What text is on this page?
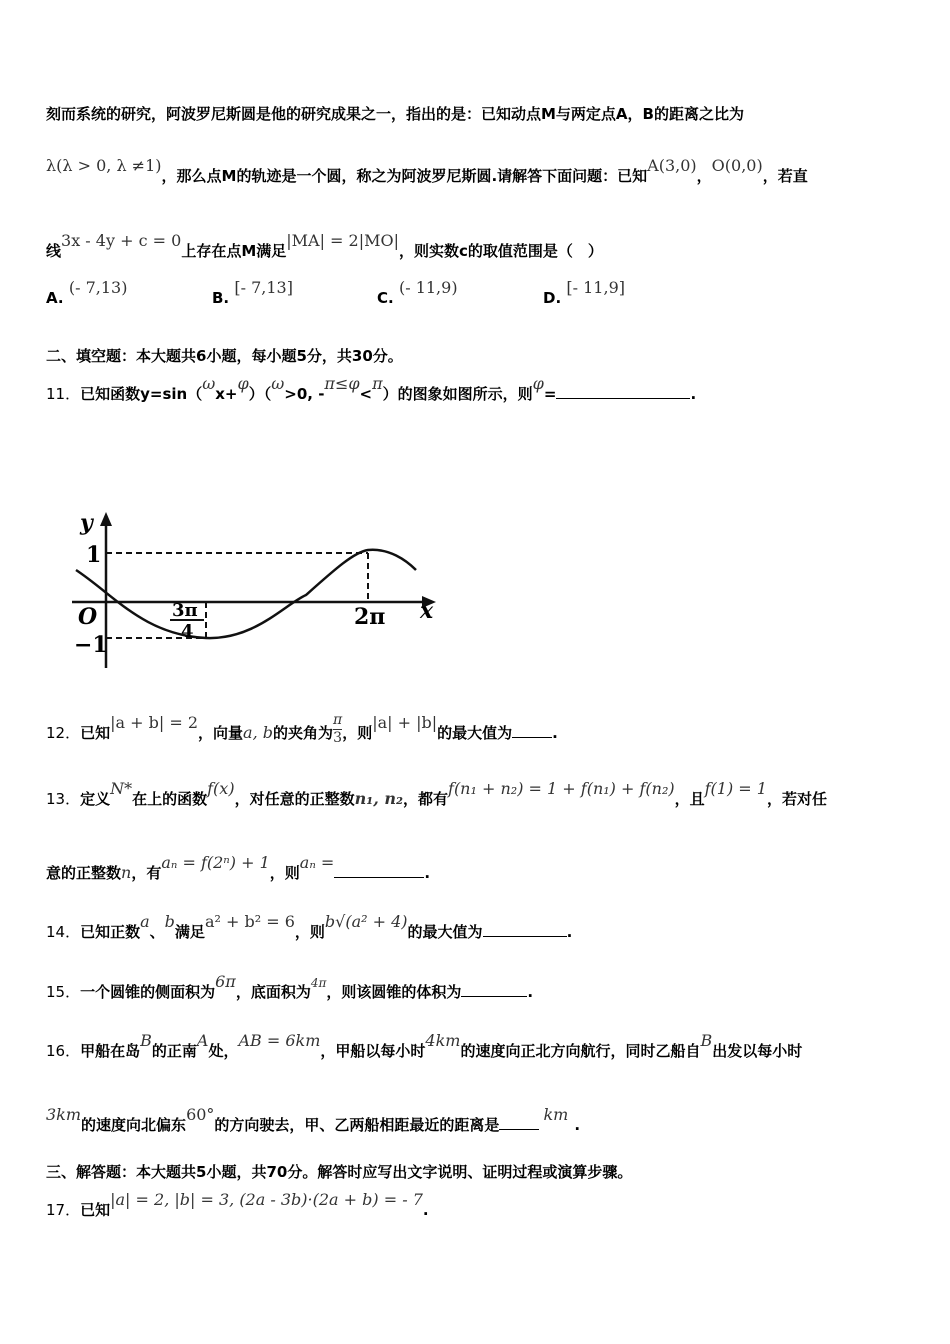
刻而系统的研究，阿波罗尼斯圆是他的研究成果之一，指出的是：已知动点M与两定点A，B的距离之比为
λ(λ > 0, λ ≠1)，那么点M的轨迹是一个圆，称之为阿波罗尼斯圆.请解答下面问题：已知A(3,0)，O(0,0)，若直
线3x - 4y + c = 0上存在点M满足|MA| = 2|MO|，则实数c的取值范围是（　）
A. (- 7,13)
B. [- 7,13]
C. (- 11,9)
D. [- 11,9]
二、填空题：本大题共6小题，每小题5分，共30分。
11．已知函数y=sin（ωx+φ）（ω>0, -π≤φ<π）的图象如图所示，则φ=	.
y
x
O
1
−1
3π
4
2π
12．已知|a + b| = 2，向量a, b的夹角为 $\frac{\pi}{3}$ ，则|a| + |b|的最大值为	.
13．定义N*在上的函数f(x)，对任意的正整数n₁, n₂，都有f(n₁ + n₂) = 1 + f(n₁) + f(n₂)，且f(1) = 1，若对任
意的正整数n，有aₙ = f(2ⁿ) + 1，则aₙ =.
14．已知正数a、b满足a² + b² = 6，则b√(a² + 4)的最大值为	.
15．一个圆锥的侧面积为6π，底面积为$^{4\pi}$，则该圆锥的体积为	.
16．甲船在岛B的正南A处，AB = 6km，甲船以每小时4km的速度向正北方向航行，同时乙船自B出发以每小时
3km的速度向北偏东60°的方向驶去，甲、乙两船相距最近的距离是km.
三、解答题：本大题共5小题，共70分。解答时应写出文字说明、证明过程或演算步骤。
17．已知|a| = 2, |b| = 3, (2a - 3b)·(2a + b) = - 7.
